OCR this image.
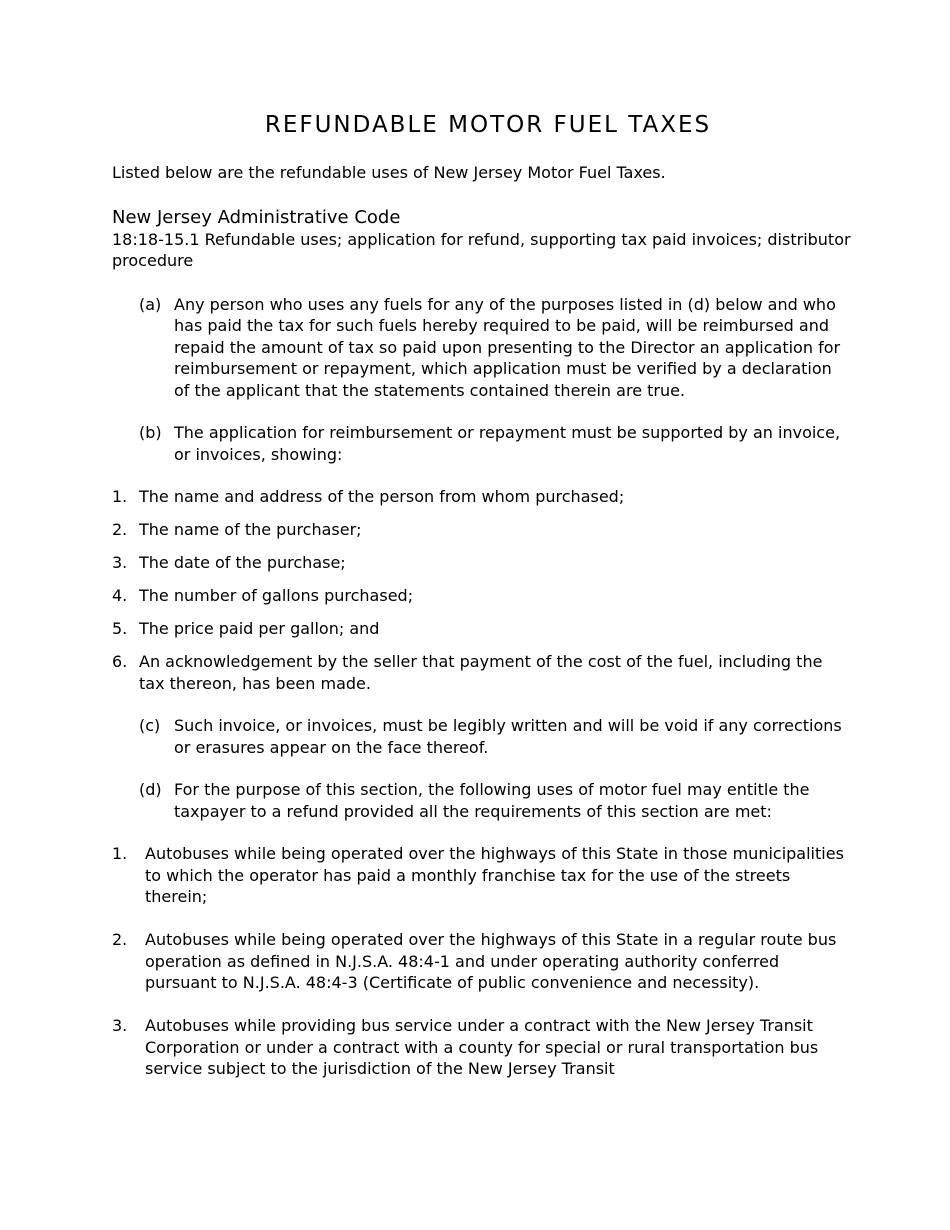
REFUNDABLE MOTOR FUEL TAXES

Listed below are the refundable uses of New Jersey Motor Fuel Taxes.

New Jersey Administrative Code

18:18-15.1 Refundable uses; application for refund, supporting tax paid invoices; distributor procedure

(a) Any person who uses any fuels for any of the purposes listed in (d) below and who has paid the tax for such fuels hereby required to be paid, will be reimbursed and repaid the amount of tax so paid upon presenting to the Director an application for reimbursement or repayment, which application must be verified by a declaration of the applicant that the statements contained therein are true.
(b) The application for reimbursement or repayment must be supported by an invoice, or invoices, showing:
1. The name and address of the person from whom purchased;
2. The name of the purchaser;
3. The date of the purchase;
4. The number of gallons purchased;
5. The price paid per gallon; and
6. An acknowledgement by the seller that payment of the cost of the fuel, including the tax thereon, has been made.
(c) Such invoice, or invoices, must be legibly written and will be void if any corrections or erasures appear on the face thereof.
(d) For the purpose of this section, the following uses of motor fuel may entitle the taxpayer to a refund provided all the requirements of this section are met:
1. Autobuses while being operated over the highways of this State in those municipalities to which the operator has paid a monthly franchise tax for the use of the streets therein;
2. Autobuses while being operated over the highways of this State in a regular route bus operation as defined in N.J.S.A. 48:4-1 and under operating authority conferred pursuant to N.J.S.A. 48:4-3 (Certificate of public convenience and necessity).
3. Autobuses while providing bus service under a contract with the New Jersey Transit Corporation or under a contract with a county for special or rural transportation bus service subject to the jurisdiction of the New Jersey Transit
